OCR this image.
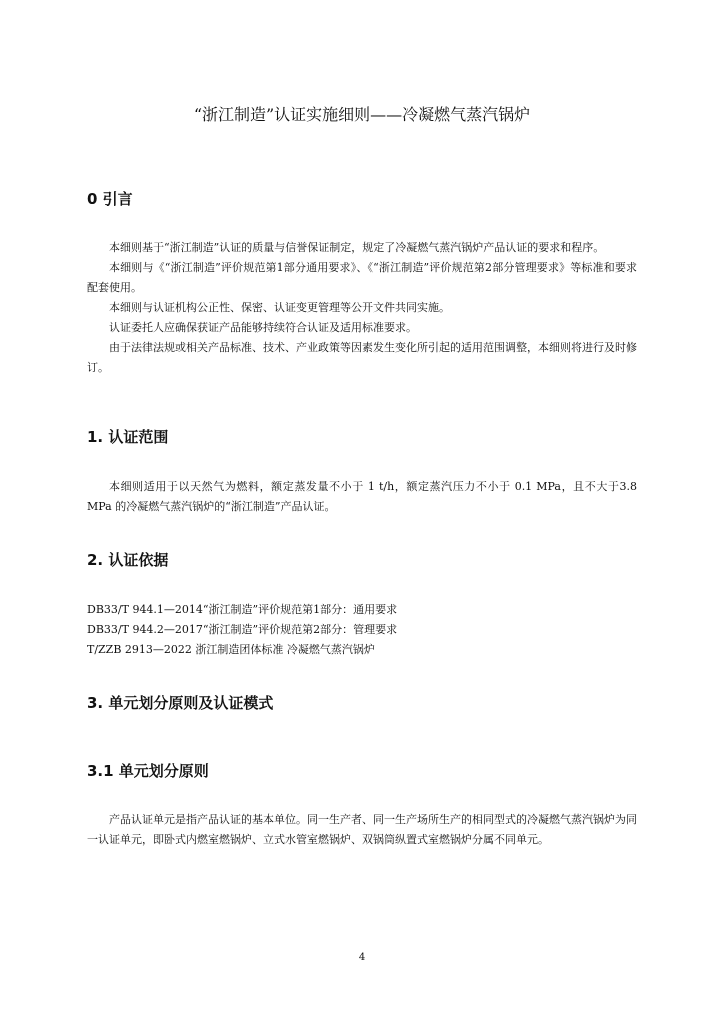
“浙江制造”认证实施细则——冷凝燃气蒸汽锅炉
0 引言

本细则基于“浙江制造”认证的质量与信誉保证制定，规定了冷凝燃气蒸汽锅炉产品认证的要求和程序。

本细则与《“浙江制造”评价规范第1部分通用要求》、《“浙江制造”评价规范第2部分管理要求》等标准和要求配套使用。

本细则与认证机构公正性、保密、认证变更管理等公开文件共同实施。

认证委托人应确保获证产品能够持续符合认证及适用标准要求。

由于法律法规或相关产品标准、技术、产业政策等因素发生变化所引起的适用范围调整，本细则将进行及时修订。

1. 认证范围

本细则适用于以天然气为燃料，额定蒸发量不小于 1 t/h，额定蒸汽压力不小于 0.1 MPa，且不大于3.8 MPa 的冷凝燃气蒸汽锅炉的“浙江制造”产品认证。

2. 认证依据

DB33/T 944.1—2014“浙江制造”评价规范第1部分：通用要求

DB33/T 944.2—2017“浙江制造”评价规范第2部分：管理要求

T/ZZB 2913—2022 浙江制造团体标准 冷凝燃气蒸汽锅炉

3. 单元划分原则及认证模式
3.1 单元划分原则

产品认证单元是指产品认证的基本单位。同一生产者、同一生产场所生产的相同型式的冷凝燃气蒸汽锅炉为同一认证单元，即卧式内燃室燃锅炉、立式水管室燃锅炉、双锅筒纵置式室燃锅炉分属不同单元。

4
